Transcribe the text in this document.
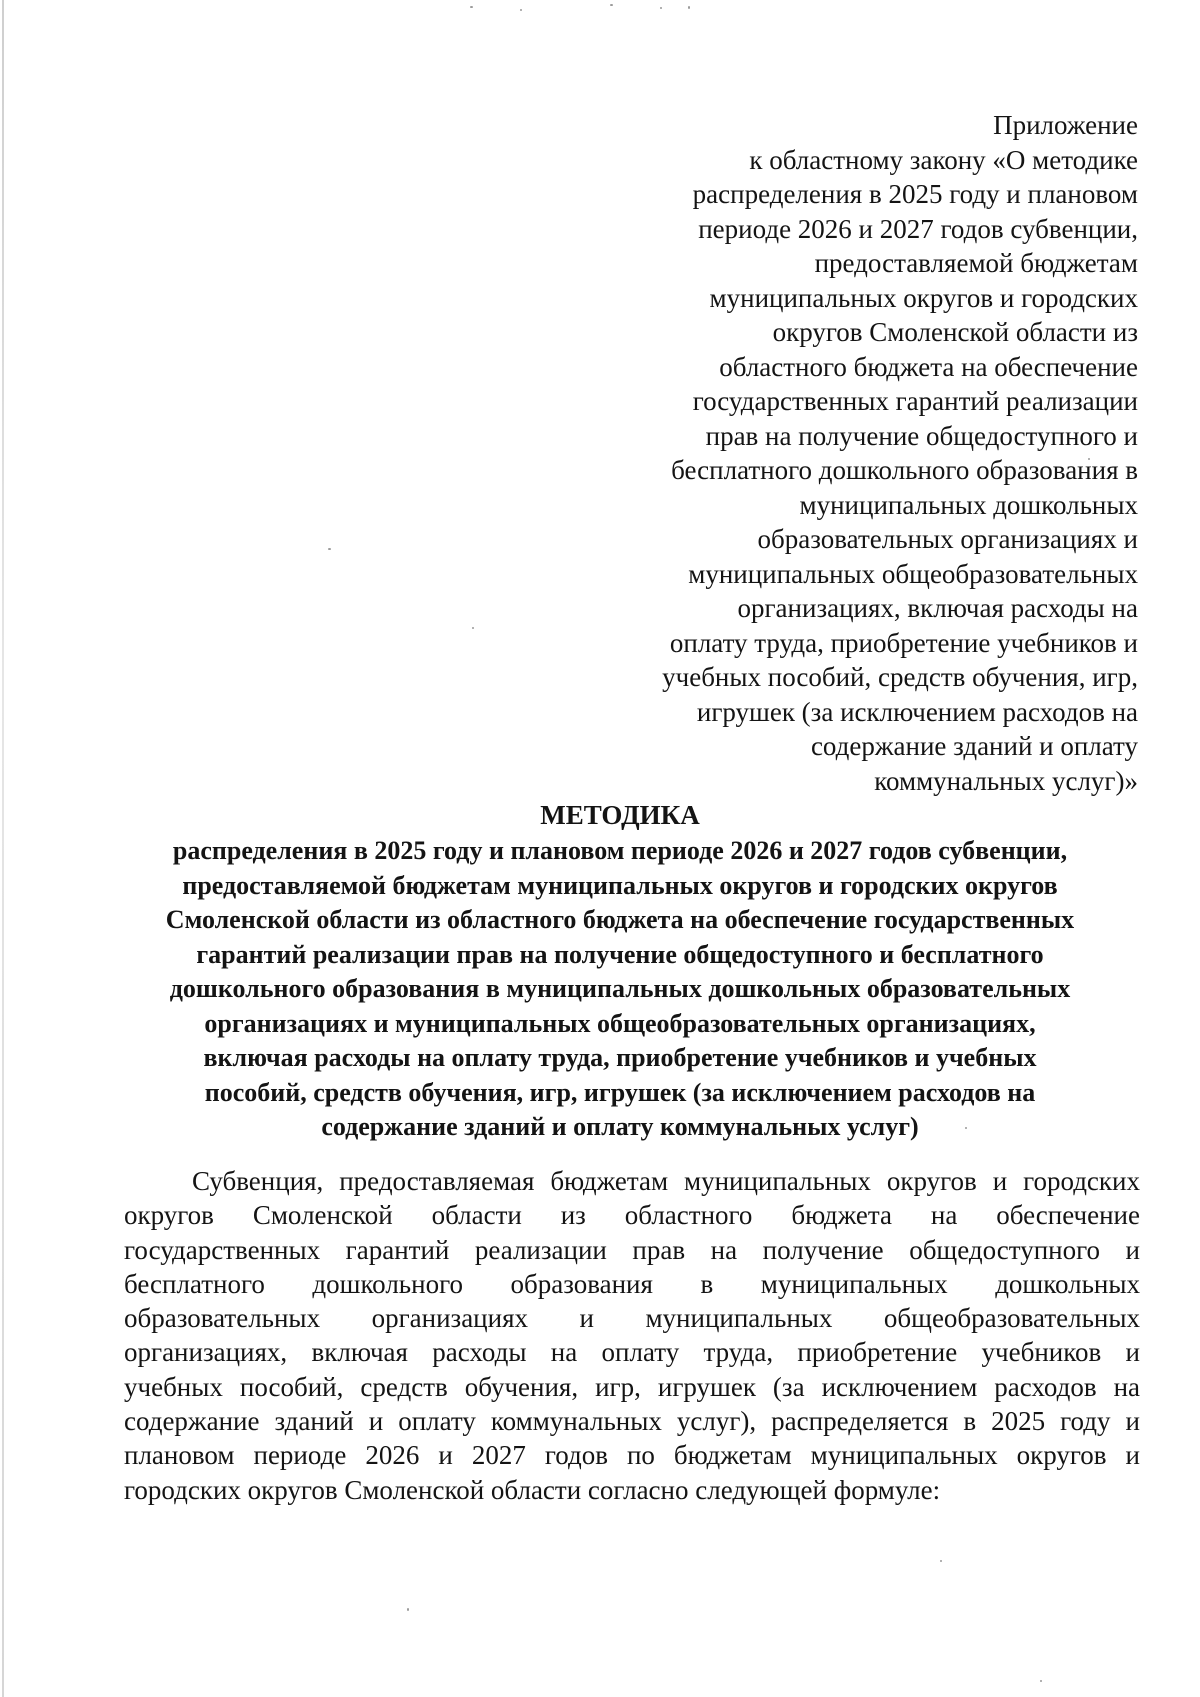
Приложение
к областному закону «О методике
распределения в 2025 году и плановом
периоде 2026 и 2027 годов субвенции,
предоставляемой бюджетам
муниципальных округов и городских
округов Смоленской области из
областного бюджета на обеспечение
государственных гарантий реализации
прав на получение общедоступного и
бесплатного дошкольного образования в
муниципальных дошкольных
образовательных организациях и
муниципальных общеобразовательных
организациях, включая расходы на
оплату труда, приобретение учебников и
учебных пособий, средств обучения, игр,
игрушек (за исключением расходов на
содержание зданий и оплату
коммунальных услуг)»
МЕТОДИКА
распределения в 2025 году и плановом периоде 2026 и 2027 годов субвенции,
предоставляемой бюджетам муниципальных округов и городских округов
Смоленской области из областного бюджета на обеспечение государственных
гарантий реализации прав на получение общедоступного и бесплатного
дошкольного образования в муниципальных дошкольных образовательных
организациях и муниципальных общеобразовательных организациях,
включая расходы на оплату труда, приобретение учебников и учебных
пособий, средств обучения, игр, игрушек (за исключением расходов на
содержание зданий и оплату коммунальных услуг)
Субвенция, предоставляемая бюджетам муниципальных округов и городских
округов Смоленской области из областного бюджета на обеспечение
государственных гарантий реализации прав на получение общедоступного и
бесплатного дошкольного образования в муниципальных дошкольных
образовательных организациях и муниципальных общеобразовательных
организациях, включая расходы на оплату труда, приобретение учебников и
учебных пособий, средств обучения, игр, игрушек (за исключением расходов на
содержание зданий и оплату коммунальных услуг), распределяется в 2025 году и
плановом периоде 2026 и 2027 годов по бюджетам муниципальных округов и
городских округов Смоленской области согласно следующей формуле:
